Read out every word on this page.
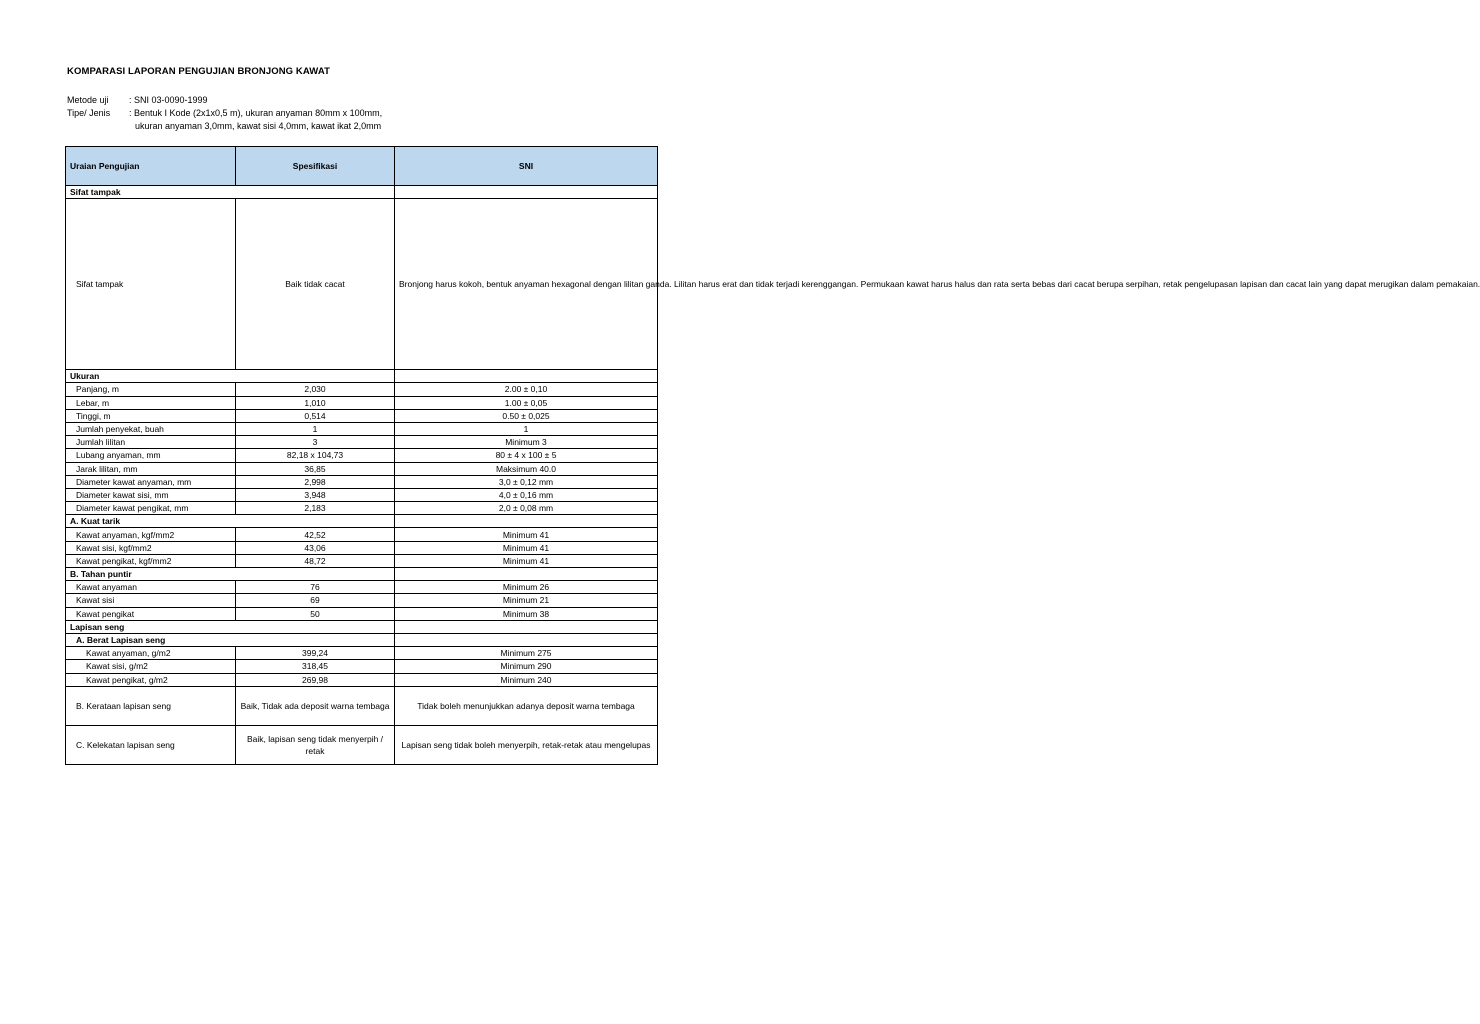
KOMPARASI LAPORAN PENGUJIAN BRONJONG KAWAT
Metode uji : SNI 03-0090-1999
Tipe/ Jenis : Bentuk I Kode (2x1x0,5 m), ukuran anyaman 80mm x 100mm,
ukuran anyaman 3,0mm, kawat sisi 4,0mm, kawat ikat 2,0mm
Uraian Pengujian	Spesifikasi	SNI
Sifat tampak		
Sifat tampak	Baik tidak cacat	Bronjong harus kokoh, bentuk anyaman hexagonal dengan lilitan ganda. Lilitan harus erat dan tidak terjadi kerenggangan. Permukaan kawat harus halus dan rata serta bebas dari cacat berupa serpihan, retak pengelupasan lapisan dan cacat lain yang dapat merugikan dalam pemakaian.
Ukuran		
Panjang, m	2,030	2.00 ± 0,10
Lebar, m	1,010	1.00 ± 0,05
Tinggi, m	0,514	0.50 ± 0,025
Jumlah penyekat, buah	1	1
Jumlah lilitan	3	Minimum 3
Lubang anyaman, mm	82,18 x 104,73	80 ± 4 x 100 ± 5
Jarak lilitan, mm	36,85	Maksimum 40.0
Diameter kawat anyaman, mm	2,998	3,0 ± 0,12 mm
Diameter kawat sisi, mm	3,948	4,0 ± 0,16 mm
Diameter kawat pengikat, mm	2,183	2,0 ± 0,08 mm
A. Kuat tarik		
Kawat anyaman, kgf/mm2	42,52	Minimum 41
Kawat sisi, kgf/mm2	43,06	Minimum 41
Kawat pengikat, kgf/mm2	48,72	Minimum 41
B. Tahan puntir		
Kawat anyaman	76	Minimum 26
Kawat sisi	69	Minimum 21
Kawat pengikat	50	Minimum 38
Lapisan seng		
A. Berat Lapisan seng		
Kawat anyaman, g/m2	399,24	Minimum 275
Kawat sisi, g/m2	318,45	Minimum 290
Kawat pengikat, g/m2	269,98	Minimum 240
B. Kerataan lapisan seng	Baik, Tidak ada deposit warna tembaga	Tidak boleh menunjukkan adanya deposit warna tembaga
C. Kelekatan lapisan seng	Baik, lapisan seng tidak menyerpih / retak	Lapisan seng tidak boleh menyerpih, retak-retak atau mengelupas
